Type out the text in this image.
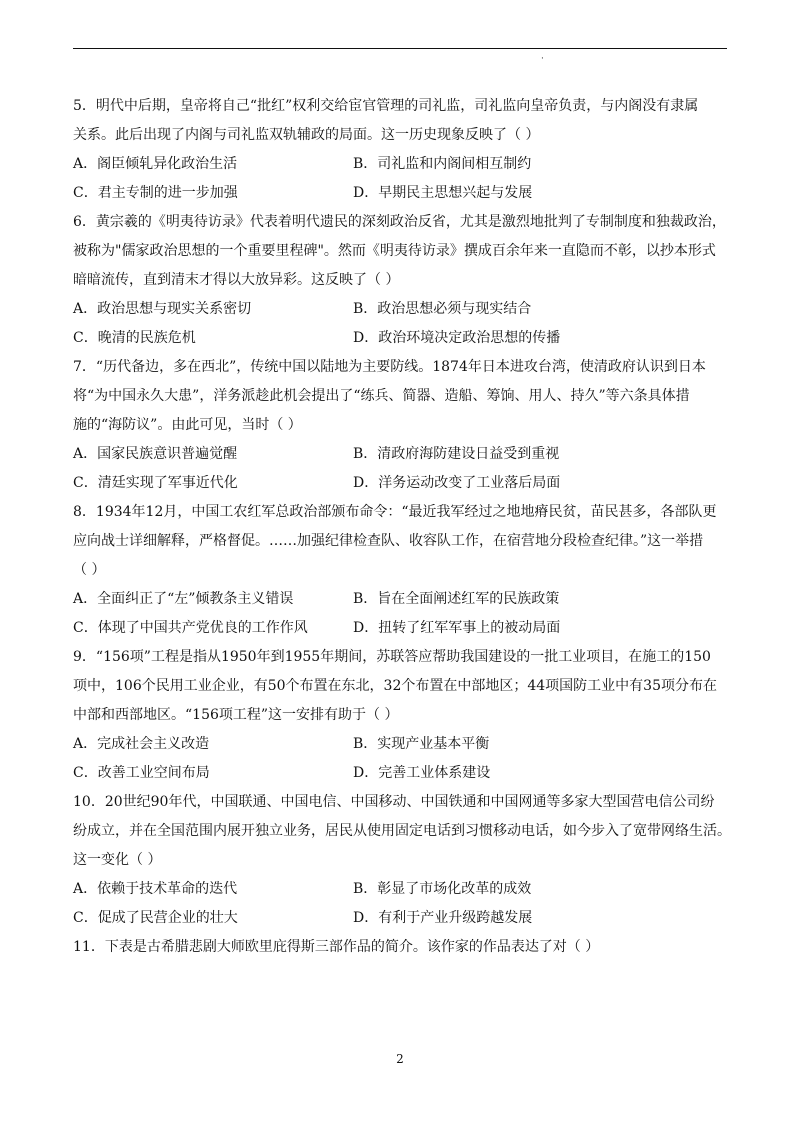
·
5．明代中后期，皇帝将自己“批红”权利交给宦官管理的司礼监，司礼监向皇帝负责，与内阁没有隶属
关系。此后出现了内阁与司礼监双轨辅政的局面。这一历史现象反映了（ ）
A．阁臣倾轧异化政治生活	B．司礼监和内阁间相互制约
C．君主专制的进一步加强	D．早期民主思想兴起与发展
6．黄宗羲的《明夷待访录》代表着明代遗民的深刻政治反省，尤其是激烈地批判了专制制度和独裁政治，
被称为"儒家政治思想的一个重要里程碑"。然而《明夷待访录》撰成百余年来一直隐而不彰，以抄本形式
暗暗流传，直到清末才得以大放异彩。这反映了（ ）
A．政治思想与现实关系密切	B．政治思想必须与现实结合
C．晚清的民族危机	D．政治环境决定政治思想的传播
7．“历代备边，多在西北”，传统中国以陆地为主要防线。1874年日本进攻台湾，使清政府认识到日本
将“为中国永久大患”，洋务派趁此机会提出了“练兵、简器、造船、筹饷、用人、持久”等六条具体措
施的“海防议”。由此可见，当时（ ）
A．国家民族意识普遍觉醒	B．清政府海防建设日益受到重视
C．清廷实现了军事近代化	D．洋务运动改变了工业落后局面
8．1934年12月，中国工农红军总政治部颁布命令：“最近我军经过之地地瘠民贫，苗民甚多，各部队更
应向战士详细解释，严格督促。……加强纪律检查队、收容队工作，在宿营地分段检查纪律。”这一举措
（ ）
A．全面纠正了“左”倾教条主义错误	B．旨在全面阐述红军的民族政策
C．体现了中国共产党优良的工作作风	D．扭转了红军军事上的被动局面
9．“156项”工程是指从1950年到1955年期间，苏联答应帮助我国建设的一批工业项目，在施工的150
项中，106个民用工业企业，有50个布置在东北，32个布置在中部地区；44项国防工业中有35项分布在
中部和西部地区。“156项工程”这一安排有助于（ ）
A．完成社会主义改造	B．实现产业基本平衡
C．改善工业空间布局	D．完善工业体系建设
10．20世纪90年代，中国联通、中国电信、中国移动、中国铁通和中国网通等多家大型国营电信公司纷
纷成立，并在全国范围内展开独立业务，居民从使用固定电话到习惯移动电话，如今步入了宽带网络生活。
这一变化（ ）
A．依赖于技术革命的迭代	B．彰显了市场化改革的成效
C．促成了民营企业的壮大	D．有利于产业升级跨越发展
11．下表是古希腊悲剧大师欧里庇得斯三部作品的简介。该作家的作品表达了对（ ）
2
